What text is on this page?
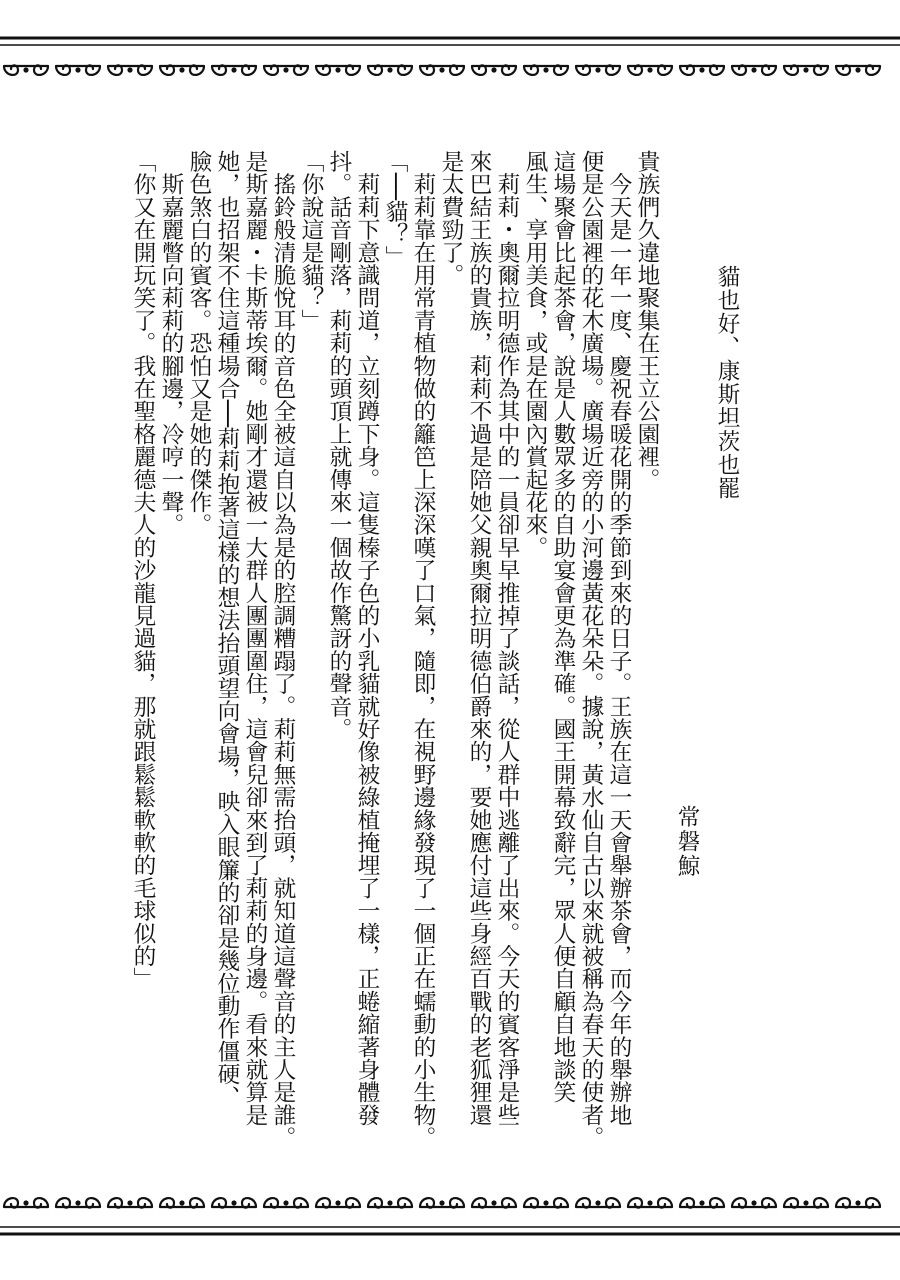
貓也好、康斯坦茨也罷
常磐鯨
貴族們久違地聚集在王立公園裡。
　今天是一年一度、慶祝春暖花開的季節到來的日子。王族在這一天會舉辦茶會，而今年的舉辦地
便是公園裡的花木廣場。廣場近旁的小河邊黃花朵朵。據說，黃水仙自古以來就被稱為春天的使者。
這場聚會比起茶會，說是人數眾多的自助宴會更為準確。國王開幕致辭完，眾人便自顧自地談笑
風生、享用美食，或是在園內賞起花來。
　莉莉・奧爾拉明德作為其中的一員卻早早推掉了談話，從人群中逃離了出來。今天的賓客淨是些
來巴結王族的貴族，莉莉不過是陪她父親奧爾拉明德伯爵來的，要她應付這些身經百戰的老狐狸還
是太費勁了。
　莉莉靠在用常青植物做的籬笆上深深嘆了口氣，隨即，在視野邊緣發現了一個正在蠕動的小生物。
「──貓？」
　莉莉下意識問道，立刻蹲下身。這隻榛子色的小乳貓就好像被綠植掩埋了一樣，正蜷縮著身體發
抖。話音剛落，莉莉的頭頂上就傳來一個故作驚訝的聲音。
「你說這是貓？」
　搖鈴般清脆悅耳的音色全被這自以為是的腔調糟蹋了。莉莉無需抬頭，就知道這聲音的主人是誰。
是斯嘉麗・卡斯蒂埃爾。她剛才還被一大群人團團圍住，這會兒卻來到了莉莉的身邊。看來就算是
她，也招架不住這種場合──莉莉抱著這樣的想法抬頭望向會場，映入眼簾的卻是幾位動作僵硬、
臉色煞白的賓客。恐怕又是她的傑作。
　斯嘉麗瞥向莉莉的腳邊，冷哼一聲。
「你又在開玩笑了。我在聖格麗德夫人的沙龍見過貓，那就跟鬆鬆軟軟的毛球似的」
